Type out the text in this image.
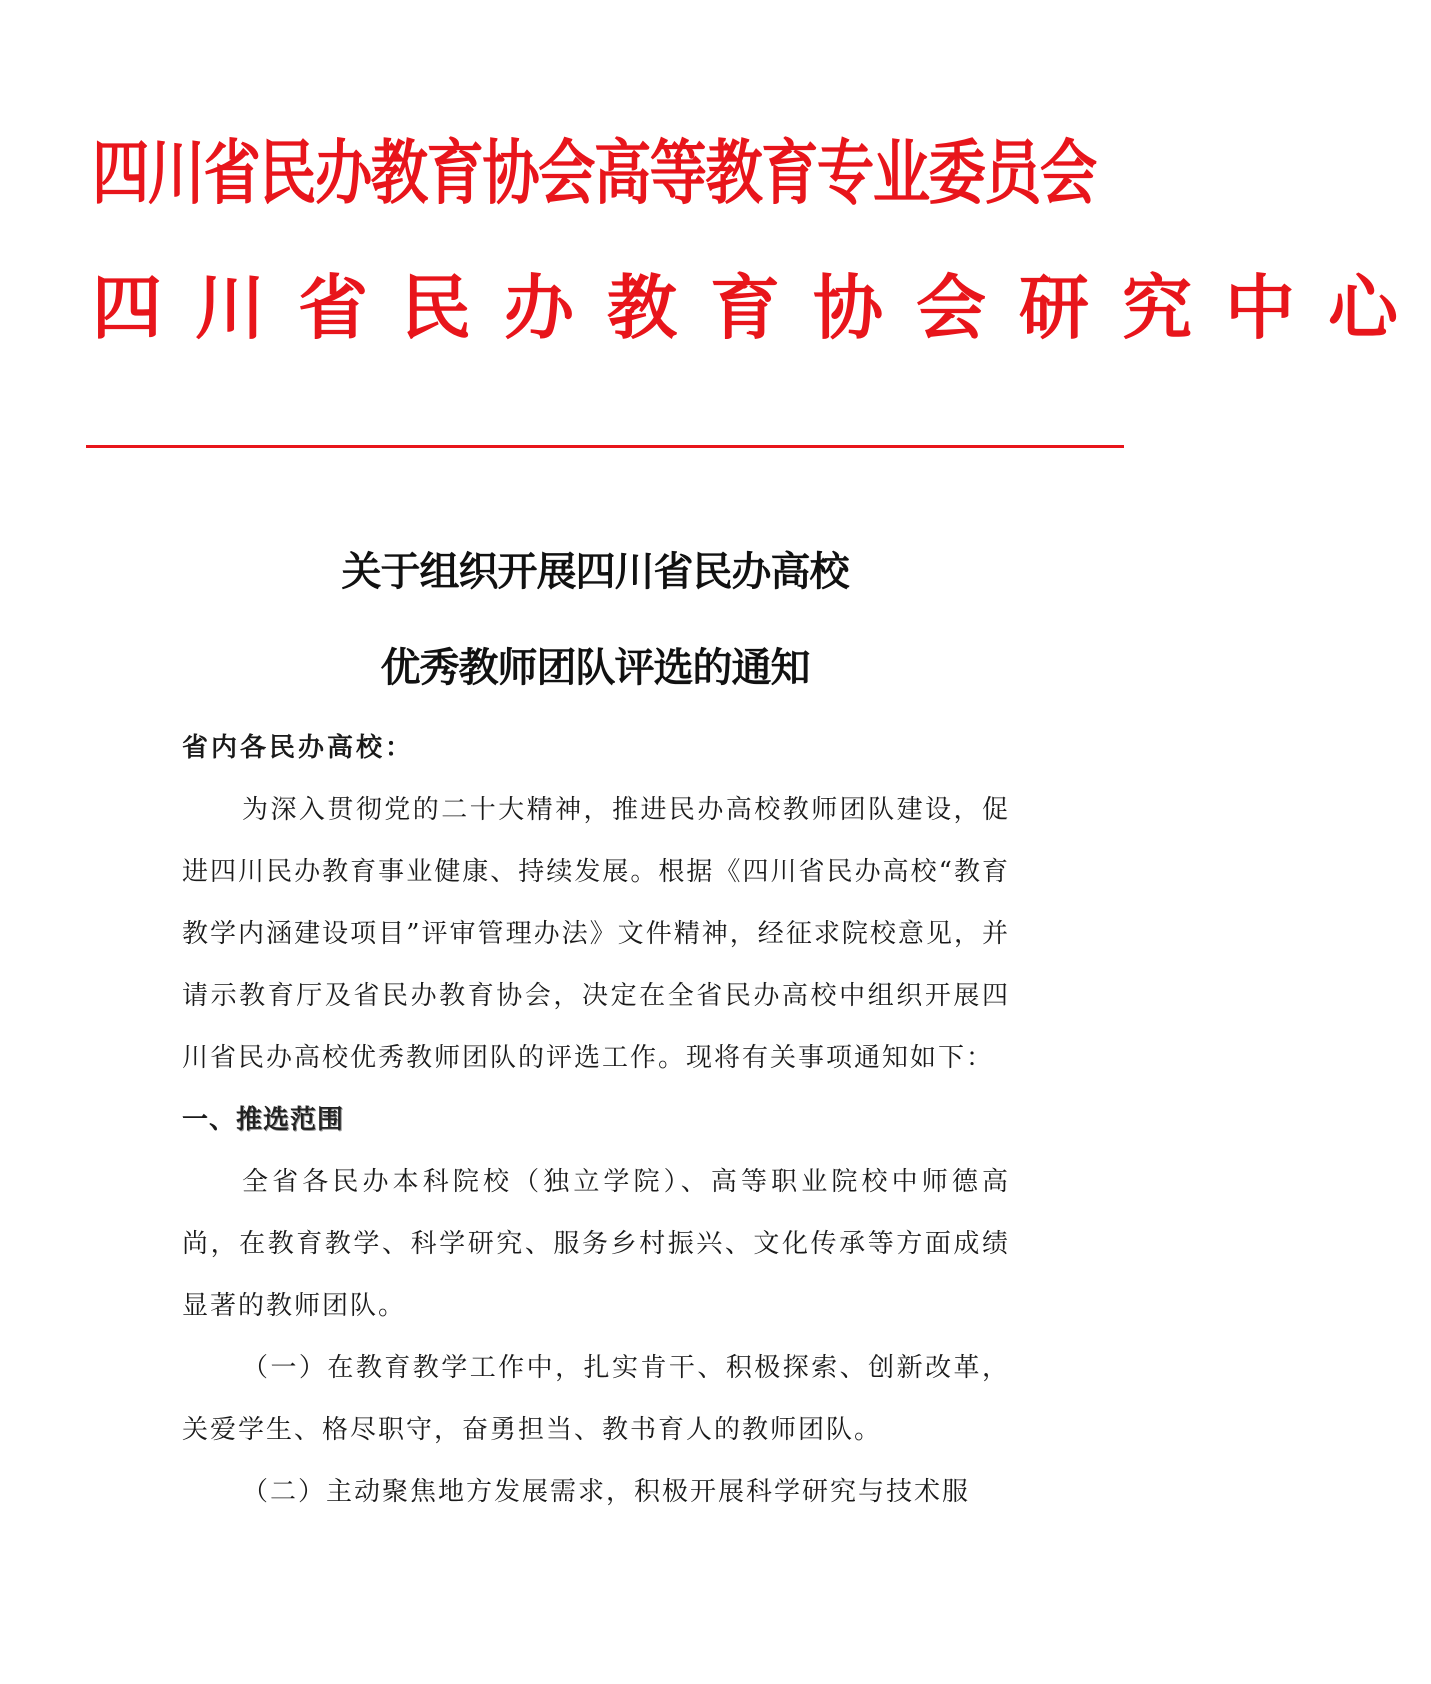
四川省民办教育协会高等教育专业委员会
四川省民办教育协会研究中心
关于组织开展四川省民办高校
优秀教师团队评选的通知

省内各民办高校：

为深入贯彻党的二十大精神，推进民办高校教师团队建设，促进四川民办教育事业健康、持续发展。根据《四川省民办高校“教育教学内涵建设项目”评审管理办法》文件精神，经征求院校意见，并请示教育厅及省民办教育协会，决定在全省民办高校中组织开展四川省民办高校优秀教师团队的评选工作。现将有关事项通知如下：

一、推选范围

全省各民办本科院校（独立学院）、高等职业院校中师德高尚，在教育教学、科学研究、服务乡村振兴、文化传承等方面成绩显著的教师团队。

（一）在教育教学工作中，扎实肯干、积极探索、创新改革，关爱学生、格尽职守，奋勇担当、教书育人的教师团队。

（二）主动聚焦地方发展需求，积极开展科学研究与技术服
